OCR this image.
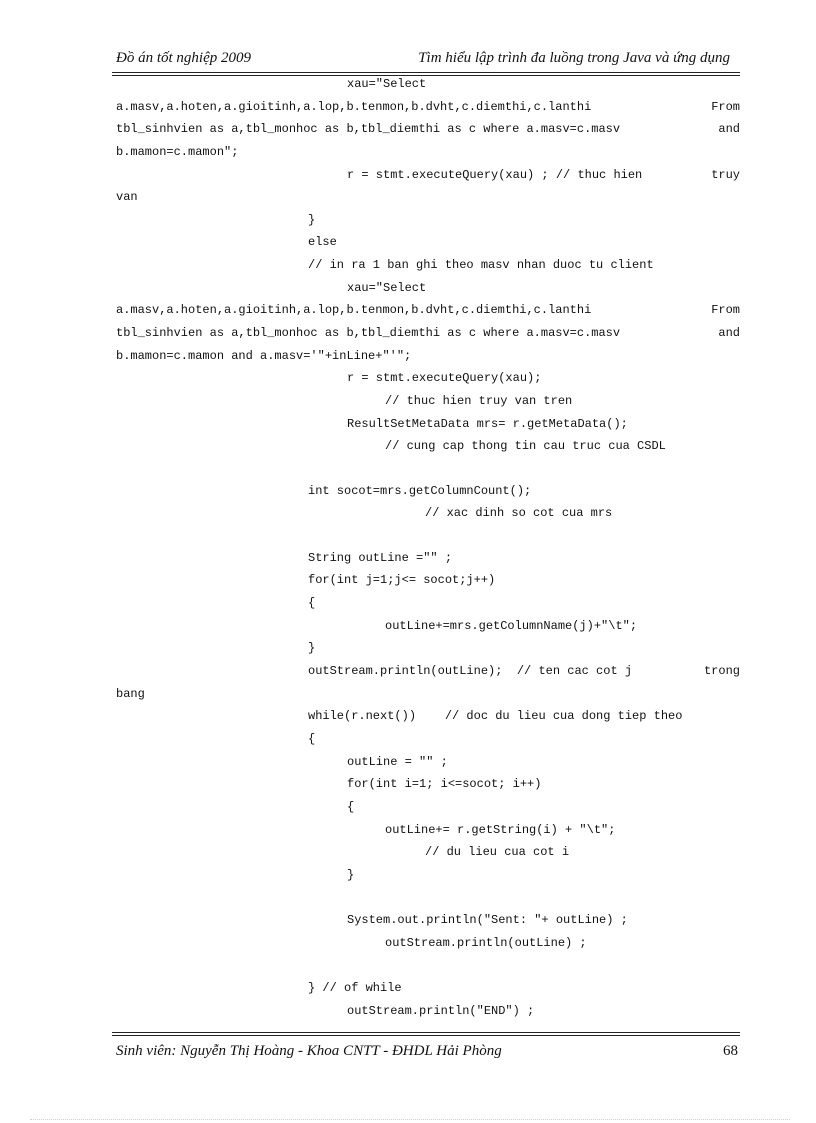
Đồ án tốt nghiệp 2009	Tìm hiểu lập trình đa luồng trong Java và ứng dụng
xau="Select
a.masv,a.hoten,a.gioitinh,a.lop,b.tenmon,b.dvht,c.diemthi,c.lanthi	From
tbl_sinhvien as a,tbl_monhoc as b,tbl_diemthi as c where a.masv=c.masv	and
b.mamon=c.mamon";
r = stmt.executeQuery(xau) ; // thuc hien	truy
van
}
else
// in ra 1 ban ghi theo masv nhan duoc tu client
xau="Select
a.masv,a.hoten,a.gioitinh,a.lop,b.tenmon,b.dvht,c.diemthi,c.lanthi	From
tbl_sinhvien as a,tbl_monhoc as b,tbl_diemthi as c where a.masv=c.masv	and
b.mamon=c.mamon and a.masv='"+inLine+"'";
r = stmt.executeQuery(xau);
// thuc hien truy van tren
ResultSetMetaData mrs= r.getMetaData();
// cung cap thong tin cau truc cua CSDL
int socot=mrs.getColumnCount();
// xac dinh so cot cua mrs
String outLine ="" ;
for(int j=1;j<= socot;j++)
{
outLine+=mrs.getColumnName(j)+"\t";
}
outStream.println(outLine);  // ten cac cot j	trong
bang
while(r.next())    // doc du lieu cua dong tiep theo
{
outLine = "" ;
for(int i=1; i<=socot; i++)
{
outLine+= r.getString(i) + "\t";
// du lieu cua cot i
}
System.out.println("Sent: "+ outLine) ;
outStream.println(outLine) ;
} // of while
outStream.println("END") ;
Sinh viên: Nguyễn Thị Hoàng - Khoa CNTT - ĐHDL Hải Phòng	68
